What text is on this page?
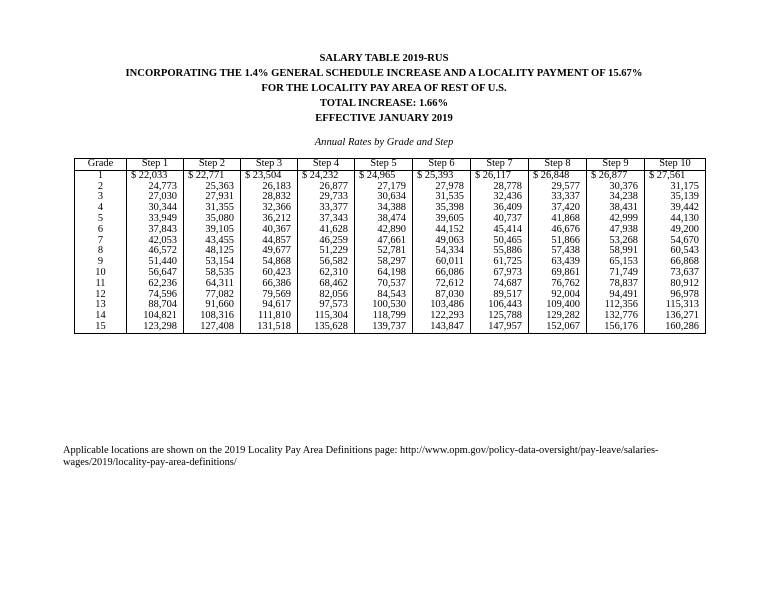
SALARY TABLE 2019-RUS
INCORPORATING THE 1.4% GENERAL SCHEDULE INCREASE AND A LOCALITY PAYMENT OF 15.67%
FOR THE LOCALITY PAY AREA OF REST OF U.S.
TOTAL INCREASE: 1.66%
EFFECTIVE JANUARY 2019
Annual Rates by Grade and Step
Grade	Step 1	Step 2	Step 3	Step 4	Step 5	Step 6	Step 7	Step 8	Step 9	Step 10
1	$ 22,033	$ 22,771	$ 23,504	$ 24,232	$ 24,965	$ 25,393	$ 26,117	$ 26,848	$ 26,877	$ 27,561
2	24,773	25,363	26,183	26,877	27,179	27,978	28,778	29,577	30,376	31,175
3	27,030	27,931	28,832	29,733	30,634	31,535	32,436	33,337	34,238	35,139
4	30,344	31,355	32,366	33,377	34,388	35,398	36,409	37,420	38,431	39,442
5	33,949	35,080	36,212	37,343	38,474	39,605	40,737	41,868	42,999	44,130
6	37,843	39,105	40,367	41,628	42,890	44,152	45,414	46,676	47,938	49,200
7	42,053	43,455	44,857	46,259	47,661	49,063	50,465	51,866	53,268	54,670
8	46,572	48,125	49,677	51,229	52,781	54,334	55,886	57,438	58,991	60,543
9	51,440	53,154	54,868	56,582	58,297	60,011	61,725	63,439	65,153	66,868
10	56,647	58,535	60,423	62,310	64,198	66,086	67,973	69,861	71,749	73,637
11	62,236	64,311	66,386	68,462	70,537	72,612	74,687	76,762	78,837	80,912
12	74,596	77,082	79,569	82,056	84,543	87,030	89,517	92,004	94,491	96,978
13	88,704	91,660	94,617	97,573	100,530	103,486	106,443	109,400	112,356	115,313
14	104,821	108,316	111,810	115,304	118,799	122,293	125,788	129,282	132,776	136,271
15	123,298	127,408	131,518	135,628	139,737	143,847	147,957	152,067	156,176	160,286
Applicable locations are shown on the 2019 Locality Pay Area Definitions page: http://www.opm.gov/policy-data-oversight/pay-leave/salaries-wages/2019/locality-pay-area-definitions/
